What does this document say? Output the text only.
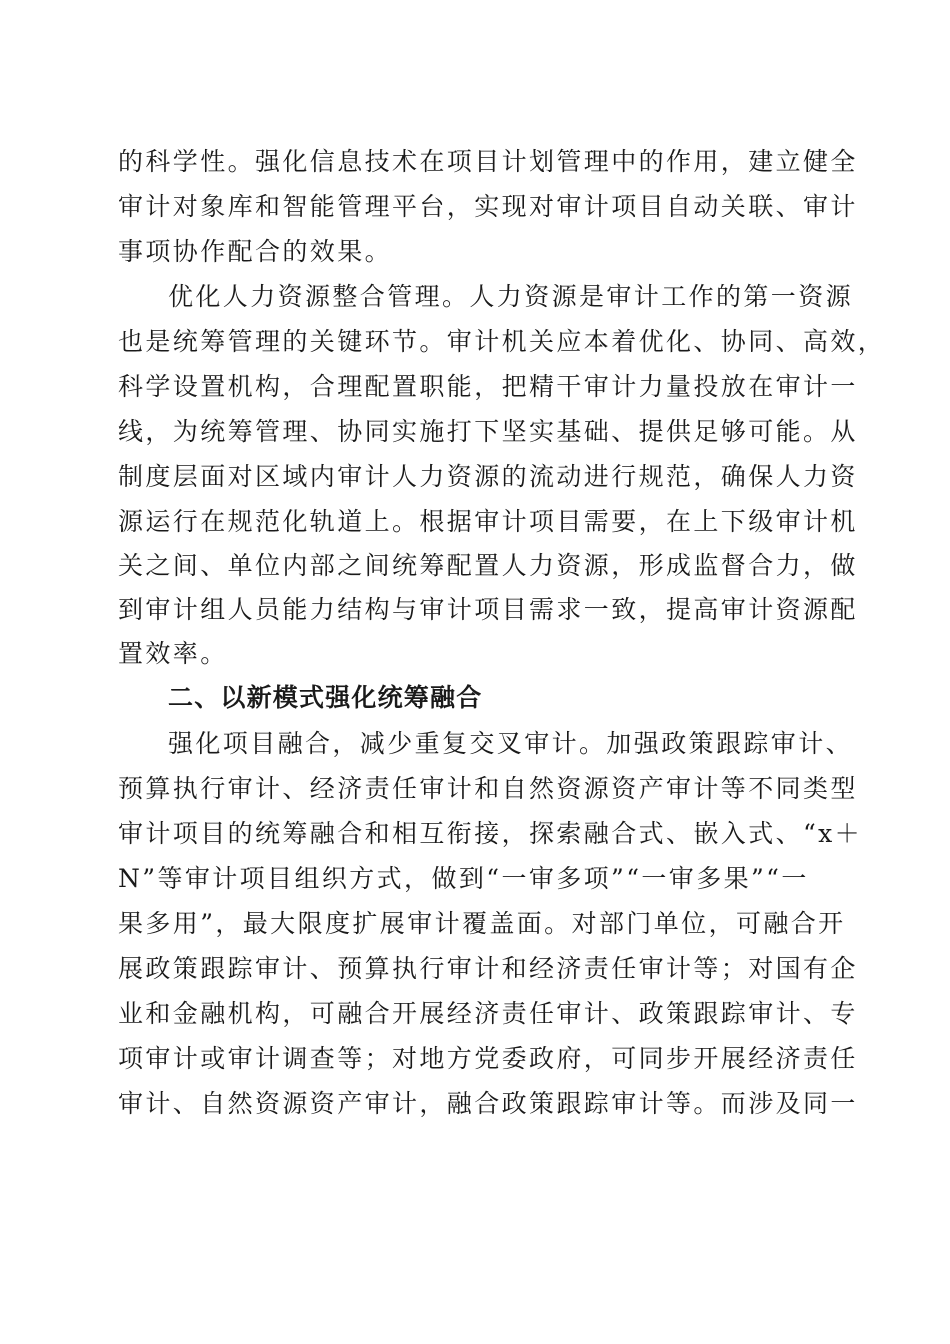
的科学性。强化信息技术在项目计划管理中的作用，建立健全
审计对象库和智能管理平台，实现对审计项目自动关联、审计
事项协作配合的效果。
优化人力资源整合管理。人力资源是审计工作的第一资源
也是统筹管理的关键环节。审计机关应本着优化、协同、高效，
科学设置机构，合理配置职能，把精干审计力量投放在审计一
线，为统筹管理、协同实施打下坚实基础、提供足够可能。从
制度层面对区域内审计人力资源的流动进行规范，确保人力资
源运行在规范化轨道上。根据审计项目需要，在上下级审计机
关之间、单位内部之间统筹配置人力资源，形成监督合力，做
到审计组人员能力结构与审计项目需求一致，提高审计资源配
置效率。
二、以新模式强化统筹融合
强化项目融合，减少重复交叉审计。加强政策跟踪审计、
预算执行审计、经济责任审计和自然资源资产审计等不同类型
审计项目的统筹融合和相互衔接，探索融合式、嵌入式、“x＋
N”等审计项目组织方式，做到“一审多项”“一审多果”“一
果多用”，最大限度扩展审计覆盖面。对部门单位，可融合开
展政策跟踪审计、预算执行审计和经济责任审计等；对国有企
业和金融机构，可融合开展经济责任审计、政策跟踪审计、专
项审计或审计调查等；对地方党委政府，可同步开展经济责任
审计、自然资源资产审计，融合政策跟踪审计等。而涉及同一
